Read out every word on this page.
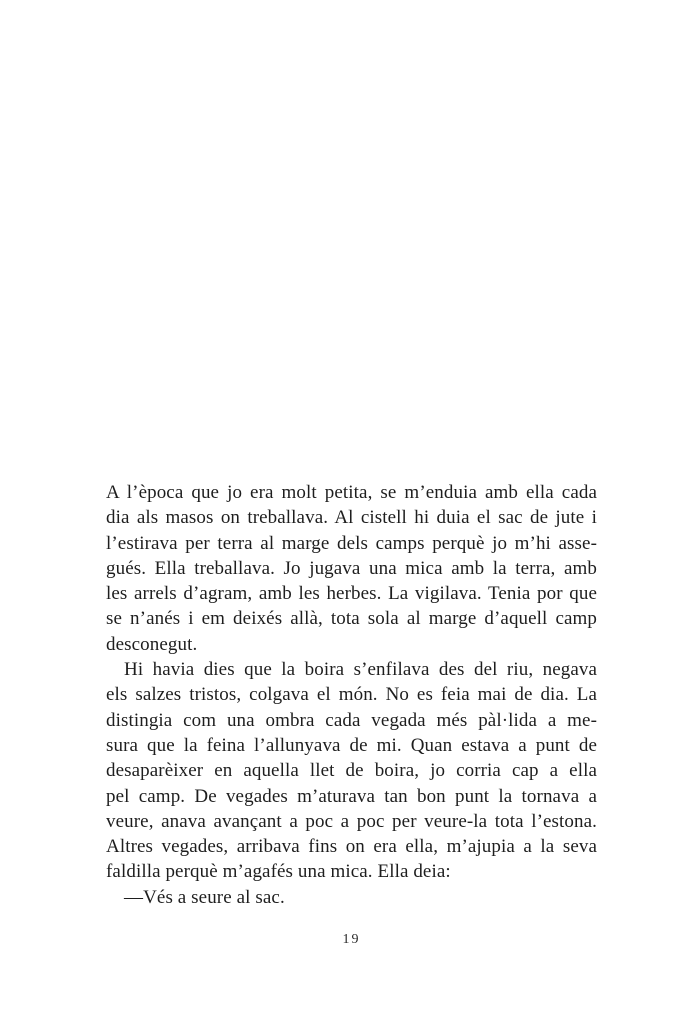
A l’època que jo era molt petita, se m’enduia amb ella cada
dia als masos on treballava. Al cistell hi duia el sac de jute i
l’estirava per terra al marge dels camps perquè jo m’hi asse-
gués. Ella treballava. Jo jugava una mica amb la terra, amb
les arrels d’agram, amb les herbes. La vigilava. Tenia por que
se n’anés i em deixés allà, tota sola al marge d’aquell camp
desconegut.
Hi havia dies que la boira s’enfilava des del riu, negava
els salzes tristos, colgava el món. No es feia mai de dia. La
distingia com una ombra cada vegada més pàl·lida a me-
sura que la feina l’allunyava de mi. Quan estava a punt de
desaparèixer en aquella llet de boira, jo corria cap a ella
pel camp. De vegades m’aturava tan bon punt la tornava a
veure, anava avançant a poc a poc per veure-la tota l’estona.
Altres vegades, arribava fins on era ella, m’ajupia a la seva
faldilla perquè m’agafés una mica. Ella deia:
—Vés a seure al sac.
19
